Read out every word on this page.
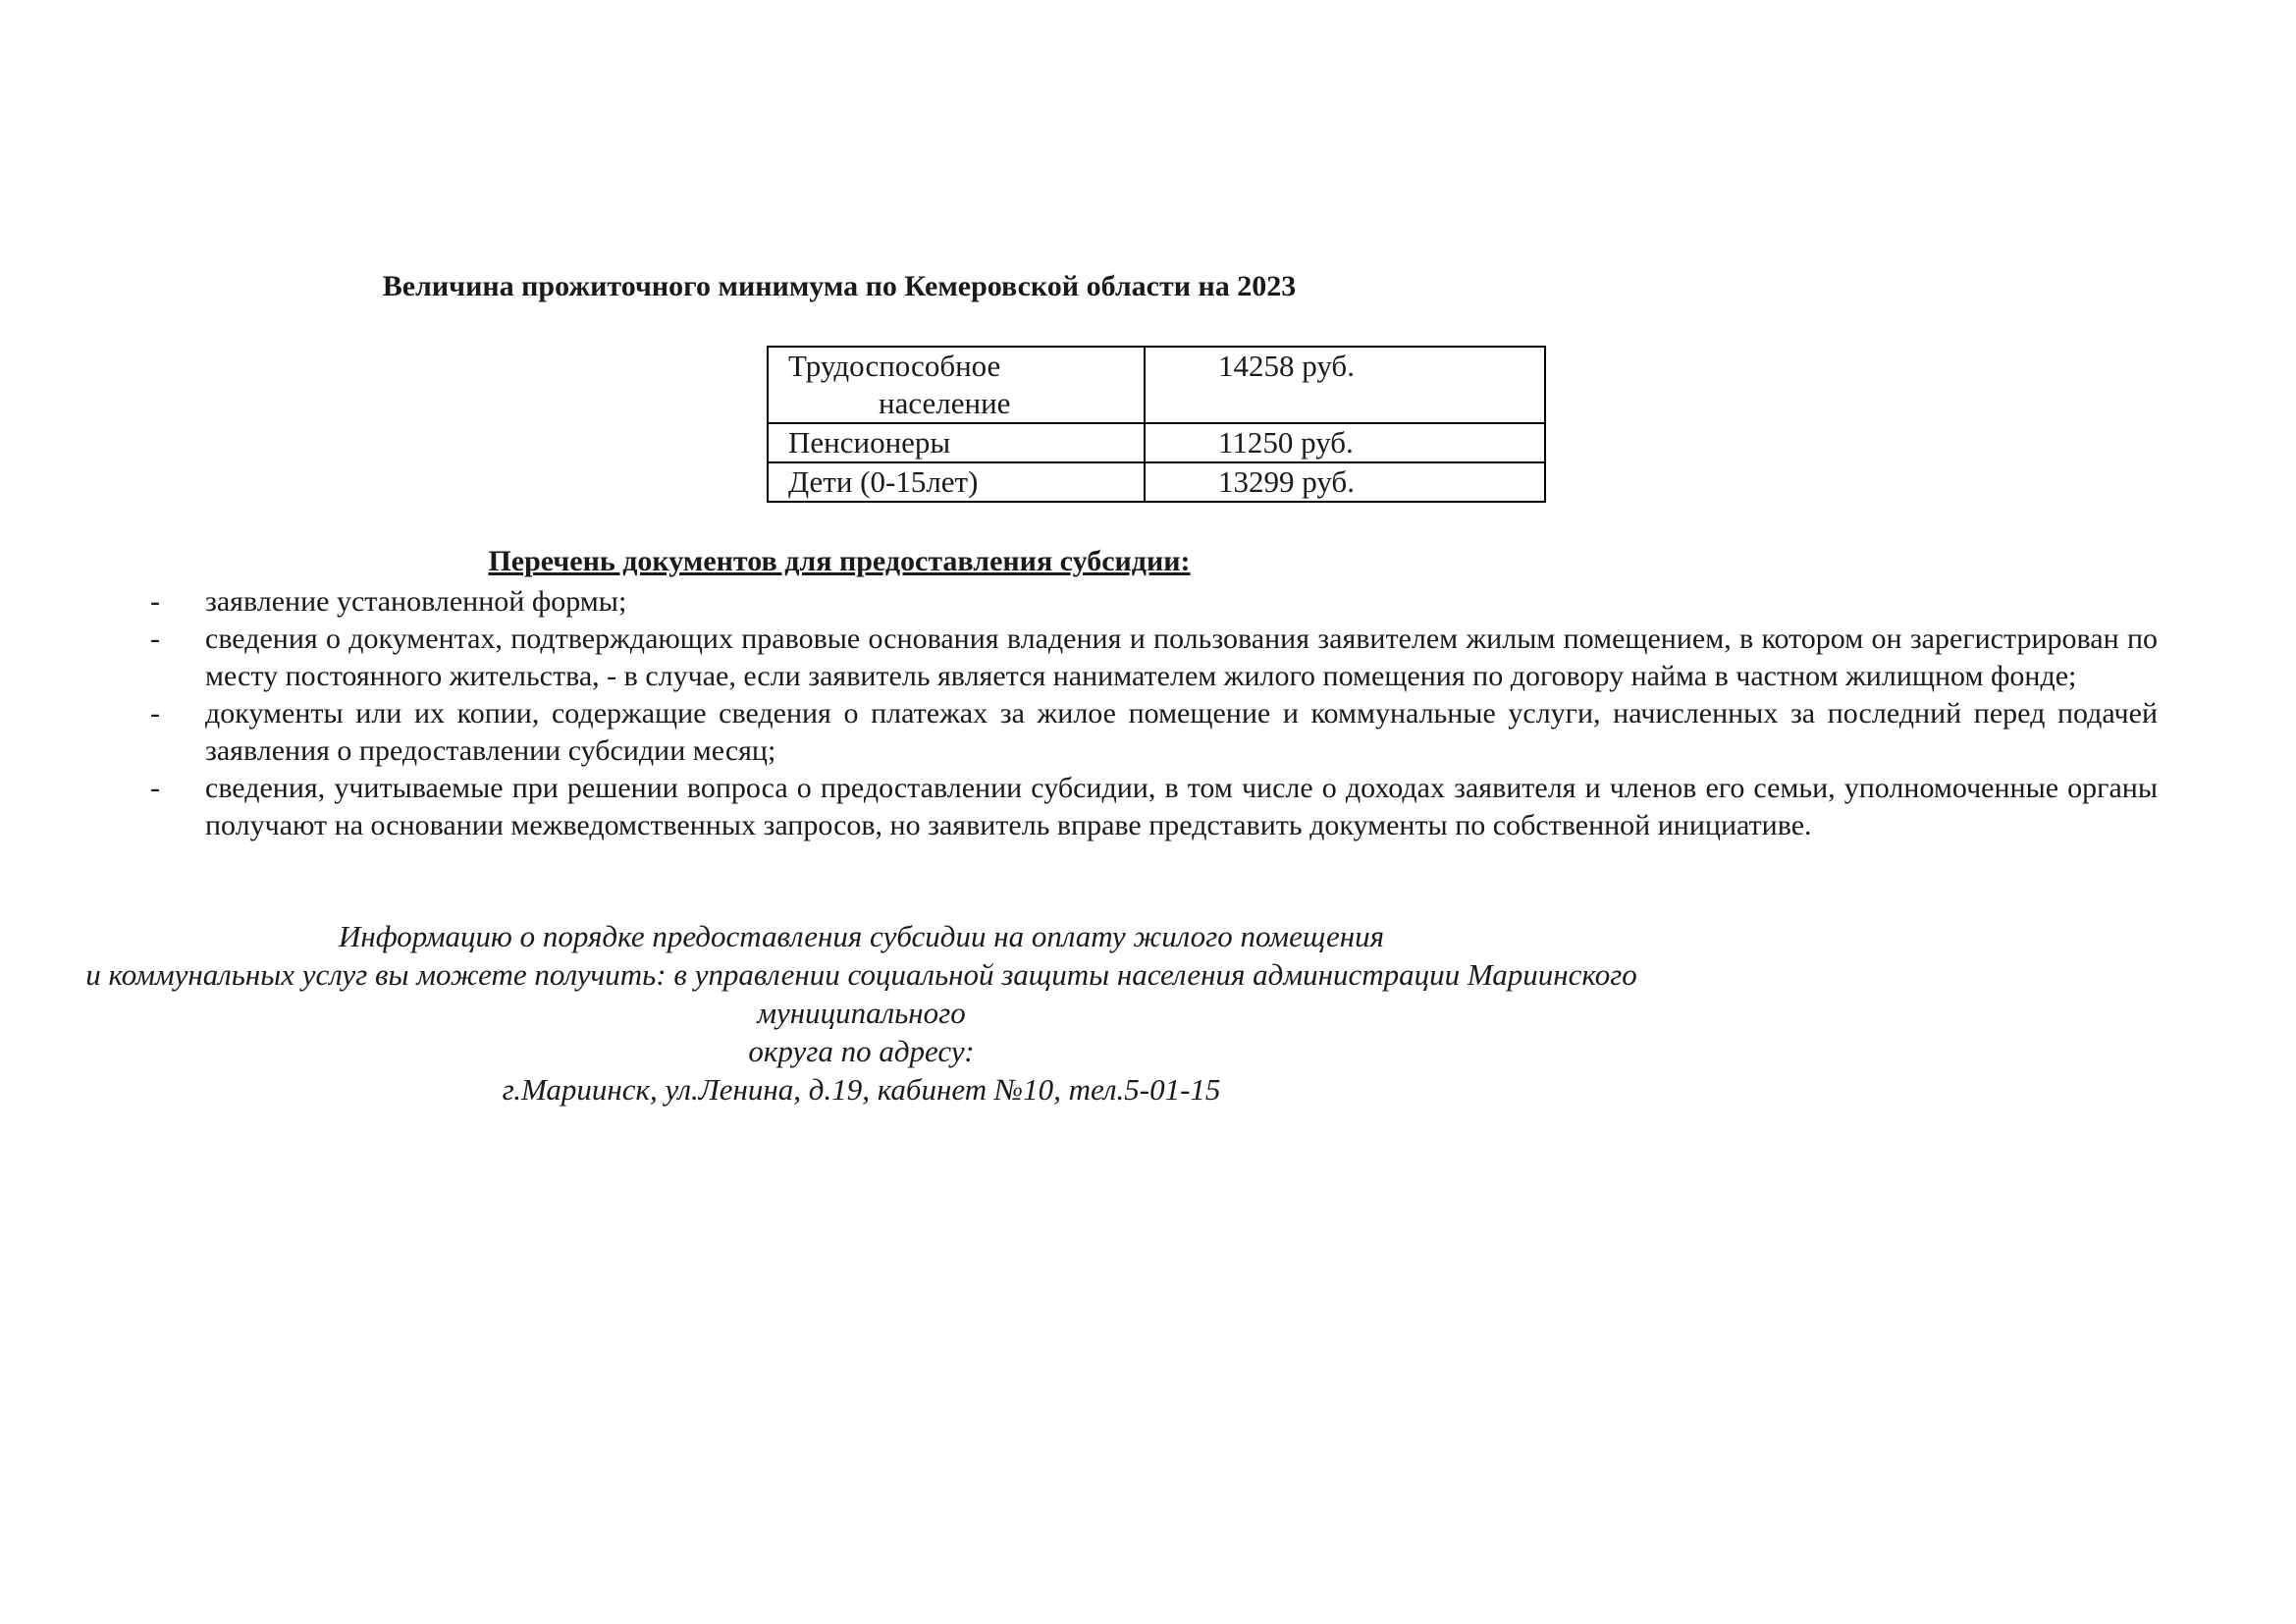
Величина прожиточного минимума по Кемеровской области на 2023
Трудоспособное
население	14258 руб.
Пенсионеры	11250 руб.
Дети (0-15лет)	13299 руб.
Перечень документов для предоставления субсидии:
- заявление установленной формы;
- сведения о документах, подтверждающих правовые основания владения и пользования заявителем жилым помещением, в котором он зарегистрирован по месту постоянного жительства, - в случае, если заявитель является нанимателем жилого помещения по договору найма в частном жилищном фонде;
- документы или их копии, содержащие сведения о платежах за жилое помещение и коммунальные услуги, начисленных за последний перед подачей заявления о предоставлении субсидии месяц;
- сведения, учитываемые при решении вопроса о предоставлении субсидии, в том числе о доходах заявителя и членов его семьи, уполномоченные органы получают на основании межведомственных запросов, но заявитель вправе представить документы по собственной инициативе.

Информацию о порядке предоставления субсидии на оплату жилого помещения

и коммунальных услуг вы можете получить: в управлении социальной защиты населения администрации Мариинского муниципального

округа по адресу:

г.Мариинск, ул.Ленина, д.19, кабинет №10, тел.5-01-15
